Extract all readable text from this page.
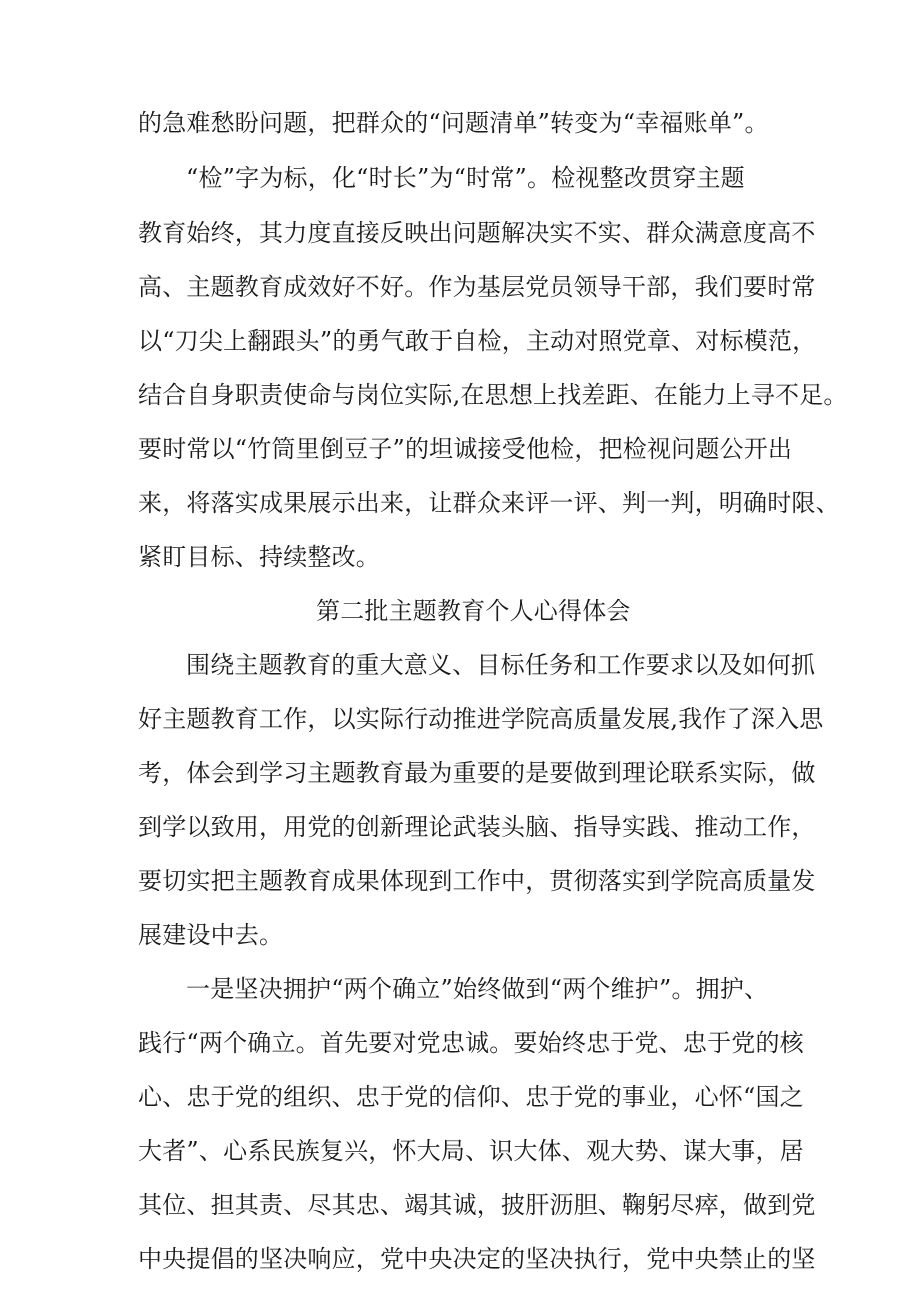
的急难愁盼问题，把群众的“问题清单”转变为“幸福账单”。
“检”字为标，化“时长”为“时常”。检视整改贯穿主题
教育始终，其力度直接反映出问题解决实不实、群众满意度高不
高、主题教育成效好不好。作为基层党员领导干部，我们要时常
以“刀尖上翻跟头”的勇气敢于自检，主动对照党章、对标模范，
结合自身职责使命与岗位实际,在思想上找差距、在能力上寻不足。
要时常以“竹筒里倒豆子”的坦诚接受他检，把检视问题公开出
来，将落实成果展示出来，让群众来评一评、判一判，明确时限、
紧盯目标、持续整改。
第二批主题教育个人心得体会
围绕主题教育的重大意义、目标任务和工作要求以及如何抓
好主题教育工作，以实际行动推进学院高质量发展,我作了深入思
考，体会到学习主题教育最为重要的是要做到理论联系实际，做
到学以致用，用党的创新理论武装头脑、指导实践、推动工作，
要切实把主题教育成果体现到工作中，贯彻落实到学院高质量发
展建设中去。
一是坚决拥护“两个确立”始终做到“两个维护”。拥护、
践行“两个确立。首先要对党忠诚。要始终忠于党、忠于党的核
心、忠于党的组织、忠于党的信仰、忠于党的事业，心怀“国之
大者”、心系民族复兴，怀大局、识大体、观大势、谋大事，居
其位、担其责、尽其忠、竭其诚，披肝沥胆、鞠躬尽瘁，做到党
中央提倡的坚决响应，党中央决定的坚决执行，党中央禁止的坚
